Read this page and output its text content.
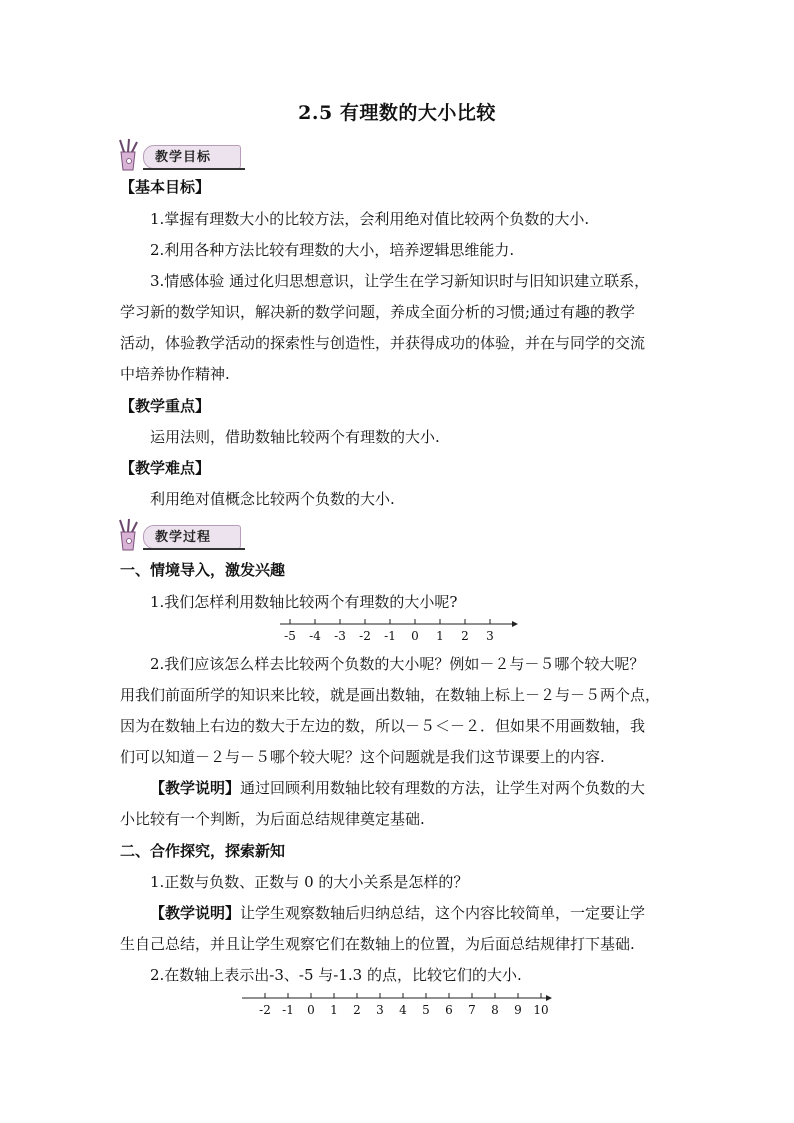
2.5 有理数的大小比较
教学目标
【基本目标】
1.掌握有理数大小的比较方法，会利用绝对值比较两个负数的大小.
2.利用各种方法比较有理数的大小，培养逻辑思维能力.
3.情感体验 通过化归思想意识，让学生在学习新知识时与旧知识建立联系，
学习新的数学知识，解决新的数学问题，养成全面分析的习惯;通过有趣的教学
活动，体验教学活动的探索性与创造性，并获得成功的体验，并在与同学的交流
中培养协作精神.
【教学重点】
运用法则，借助数轴比较两个有理数的大小.
【教学难点】
利用绝对值概念比较两个负数的大小.
教学过程
一、情境导入，激发兴趣
1.我们怎样利用数轴比较两个有理数的大小呢?
-5 -4 -3 -2 -1 0 1 2 3
2.我们应该怎么样去比较两个负数的大小呢？例如－２与－５哪个较大呢？
用我们前面所学的知识来比较，就是画出数轴，在数轴上标上－２与－５两个点，
因为在数轴上右边的数大于左边的数，所以－５＜－２．但如果不用画数轴，我
们可以知道－２与－５哪个较大呢？这个问题就是我们这节课要上的内容.
【教学说明】通过回顾利用数轴比较有理数的方法，让学生对两个负数的大
小比较有一个判断，为后面总结规律奠定基础.
二、合作探究，探索新知
1.正数与负数、正数与 0 的大小关系是怎样的？
【教学说明】让学生观察数轴后归纳总结，这个内容比较简单，一定要让学
生自己总结，并且让学生观察它们在数轴上的位置，为后面总结规律打下基础.
2.在数轴上表示出-3、-5 与-1.3 的点，比较它们的大小.
-2 -1 0 1 2 3 4 5 6 7 8 9 10
